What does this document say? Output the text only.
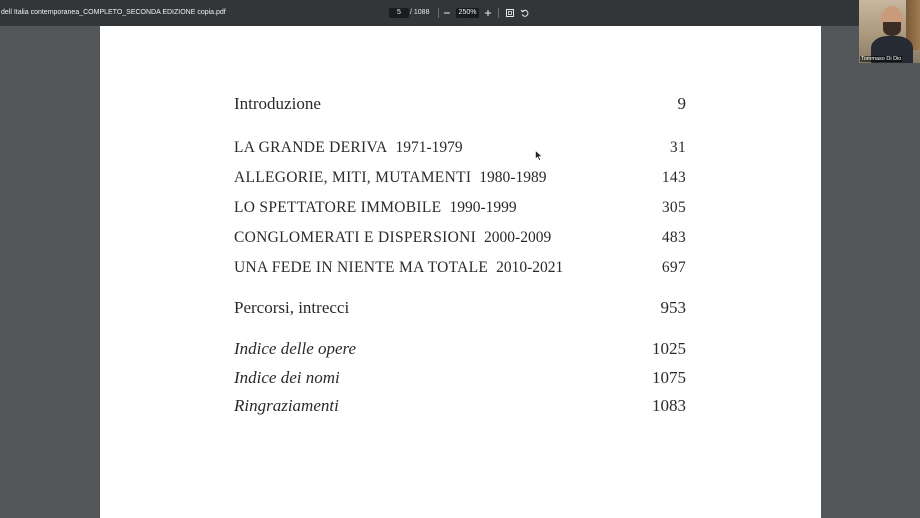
dell Italia contemporanea_COMPLETO_SECONDA EDIZIONE copia.pdf	5	/ 1088	250%
Introduzione	9
LA GRANDE DERIVA 1971-1979	31
ALLEGORIE, MITI, MUTAMENTI 1980-1989	143
LO SPETTATORE IMMOBILE 1990-1999	305
CONGLOMERATI E DISPERSIONI 2000-2009	483
UNA FEDE IN NIENTE MA TOTALE 2010-2021	697
Percorsi, intrecci	953
Indice delle opere	1025
Indice dei nomi	1075
Ringraziamenti	1083
Tommaso Di Dio
